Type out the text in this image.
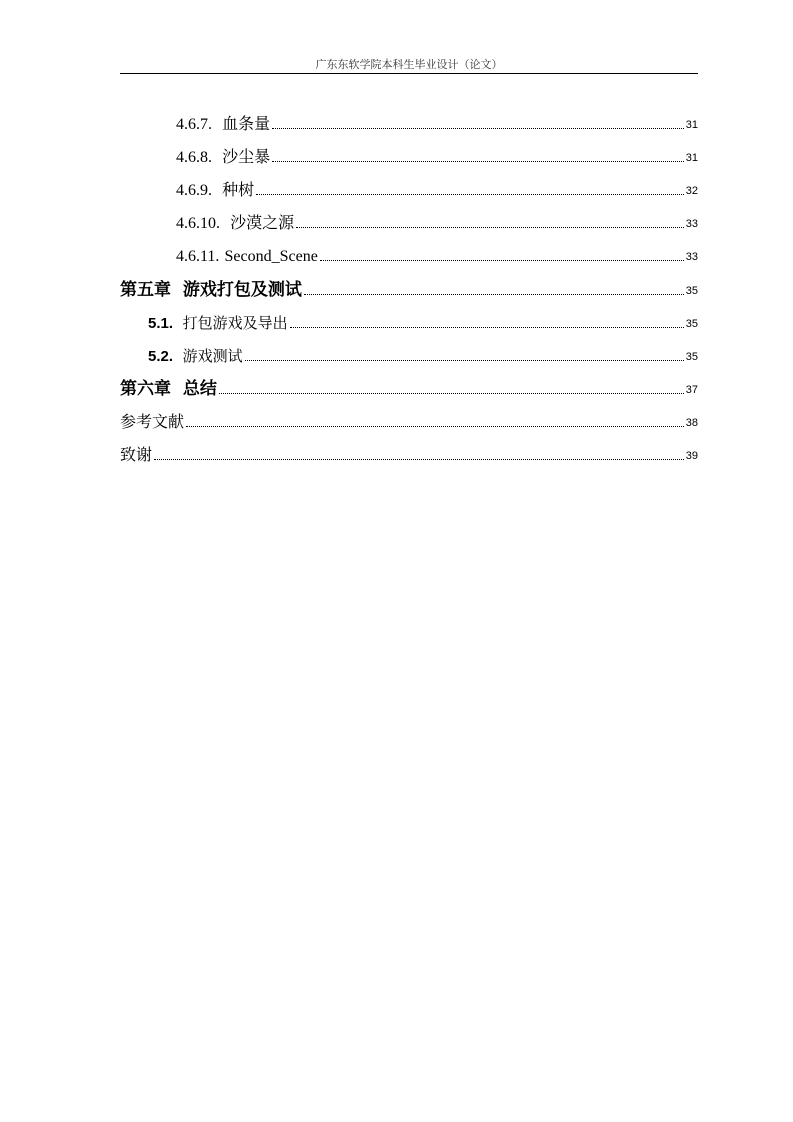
广东东软学院本科生毕业设计（论文）
4.6.7. 血条量	31
4.6.8. 沙尘暴	31
4.6.9. 种树	32
4.6.10. 沙漠之源	33
4.6.11. Second_Scene	33
第五章 游戏打包及测试	35
5.1. 打包游戏及导出	35
5.2. 游戏测试	35
第六章 总结	37
参考文献	38
致谢	39
